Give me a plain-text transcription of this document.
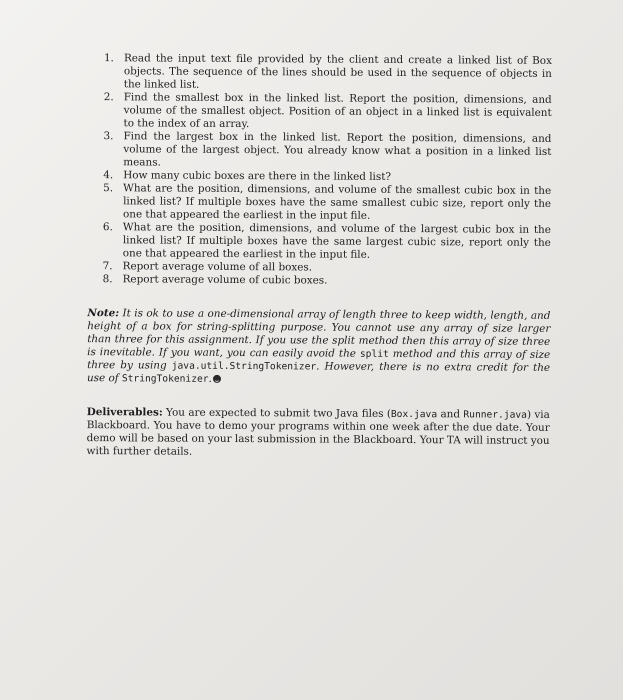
1. Read the input text file provided by the client and create a linked list of Box objects. The sequence of the lines should be used in the sequence of objects in the linked list.
2. Find the smallest box in the linked list. Report the position, dimensions, and volume of the smallest object. Position of an object in a linked list is equivalent to the index of an array.
3. Find the largest box in the linked list. Report the position, dimensions, and volume of the largest object. You already know what a position in a linked list means.
4. How many cubic boxes are there in the linked list?
5. What are the position, dimensions, and volume of the smallest cubic box in the linked list? If multiple boxes have the same smallest cubic size, report only the one that appeared the earliest in the input file.
6. What are the position, dimensions, and volume of the largest cubic box in the linked list? If multiple boxes have the same largest cubic size, report only the one that appeared the earliest in the input file.
7. Report average volume of all boxes.
8. Report average volume of cubic boxes.

Note: It is ok to use a one-dimensional array of length three to keep width, length, and height of a box for string-splitting purpose. You cannot use any array of size larger than three for this assignment. If you use the split method then this array of size three is inevitable. If you want, you can easily avoid the split method and this array of size three by using java.util.StringTokenizer. However, there is no extra credit for the use of StringTokenizer.

Deliverables: You are expected to submit two Java files (Box.java and Runner.java) via Blackboard. You have to demo your programs within one week after the due date. Your demo will be based on your last submission in the Blackboard. Your TA will instruct you with further details.
